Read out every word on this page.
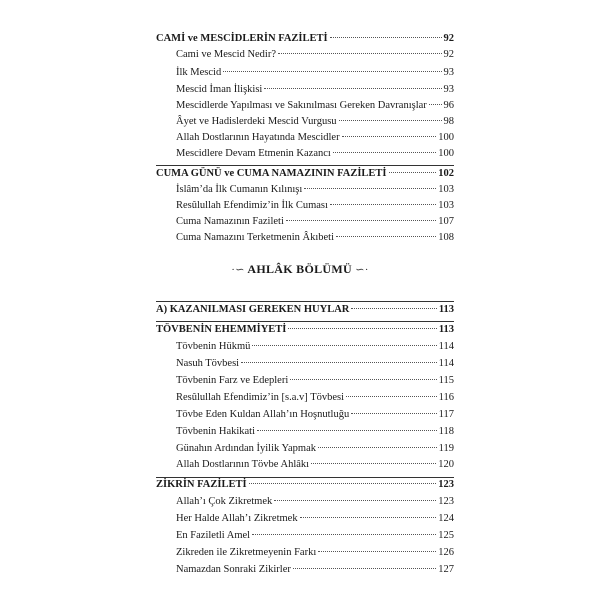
CAMİ ve MESCİDLERİN FAZİLETİ	92
Cami ve Mescid Nedir?	92
İlk Mescid	93
Mescid İman İlişkisi	93
Mescidlerde Yapılması ve Sakınılması Gereken Davranışlar 96
Âyet ve Hadislerdeki Mescid Vurgusu	98
Allah Dostlarının Hayatında Mescidler	100
Mescidlere Devam Etmenin Kazancı	100
CUMA GÜNÜ ve CUMA NAMAZININ FAZİLETİ	102
İslâm’da İlk Cumanın Kılınışı	103
Resûlullah Efendimiz’in İlk Cuması	103
Cuma Namazının Fazileti	107
Cuma Namazını Terketmenin Âkıbeti	108
·∽ AHLÂK BÖLÜMÜ ∽·
A) KAZANILMASI GEREKEN HUYLAR	113
TÖVBENİN EHEMMİYETİ	113
Tövbenin Hükmü	114
Nasuh Tövbesi	114
Tövbenin Farz ve Edepleri	115
Resûlullah Efendimiz’in [s.a.v] Tövbesi	116
Tövbe Eden Kuldan Allah’ın Hoşnutluğu	117
Tövbenin Hakikati	118
Günahın Ardından İyilik Yapmak	119
Allah Dostlarının Tövbe Ahlâkı	120
ZİKRİN FAZİLETİ	123
Allah’ı Çok Zikretmek	123
Her Halde Allah’ı Zikretmek	124
En Faziletli Amel	125
Zikreden ile Zikretmeyenin Farkı	126
Namazdan Sonraki Zikirler	127
